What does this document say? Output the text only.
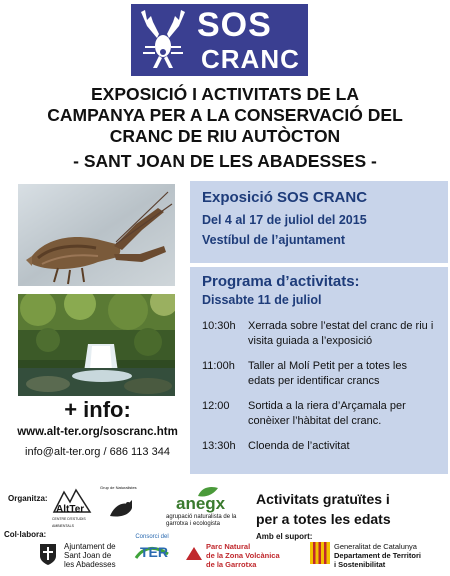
SOS
CRANC
EXPOSICIÓ I ACTIVITATS DE LA
CAMPANYA PER A LA CONSERVACIÓ DEL
CRANC DE RIU AUTÒCTON
- SANT JOAN DE LES ABADESSES -
+ info:
www.alt-ter.org/soscranc.htm
info@alt-ter.org / 686 113 344
Exposició SOS CRANC
Del 4 al 17 de juliol del 2015
Vestíbul de l’ajuntament
Programa d’activitats:
Dissabte 11 de juliol
10:30h	Xerrada sobre l’estat del cranc de riu i visita guiada a l’exposició
11:00h	Taller al Molí Petit per a totes les edats per identificar crancs
12:00	Sortida a la riera d’Arçamala per conèixer l’hàbitat del cranc.
13:30h	Cloenda de l’activitat
Organitza:
AltTer
CENTRE D'ESTUDIS AMBIENTALS
Grup de Naturalistes
anegx
agrupació naturalista de la garrotxa i ecologista
Activitats gratuïtes i
per a totes les edats
Col·labora:	Amb el suport:
Ajuntament de
Sant Joan de
les Abadesses
Consorci del
TER	Parc Natural
de la Zona Volcànica
de la Garrotxa
Generalitat de Catalunya
Departament de Territori
i Sostenibilitat
